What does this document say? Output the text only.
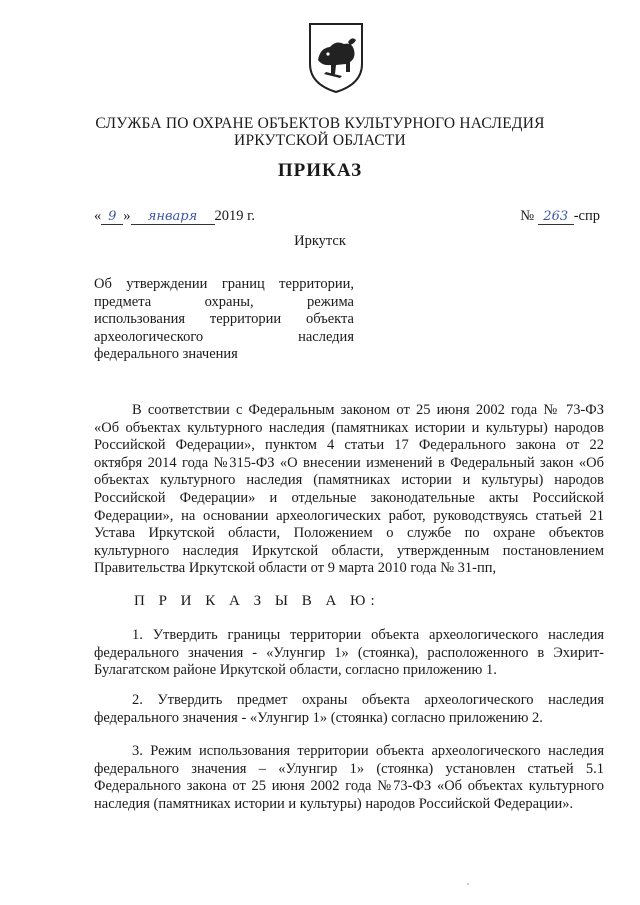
СЛУЖБА ПО ОХРАНЕ ОБЪЕКТОВ КУЛЬТУРНОГО НАСЛЕДИЯ
ИРКУТСКОЙ ОБЛАСТИ
ПРИКАЗ
« 9 » января 2019 г.	№ 263 -спр
Иркутск
Об утверждении границ территории,
предмета охраны, режима
использования территории объекта
археологического наследия
федерального значения
В соответствии с Федеральным законом от 25 июня 2002 года № 73-ФЗ
«Об объектах культурного наследия (памятниках истории и культуры) народов
Российской Федерации», пунктом 4 статьи 17 Федерального закона от 22
октября 2014 года №315-ФЗ «О внесении изменений в Федеральный закон «Об
объектах культурного наследия (памятниках истории и культуры) народов
Российской Федерации» и отдельные законодательные акты Российской
Федерации», на основании археологических работ, руководствуясь статьей 21
Устава Иркутской области, Положением о службе по охране объектов
культурного наследия Иркутской области, утвержденным постановлением
Правительства Иркутской области от 9 марта 2010 года № 31-пп,
П Р И К А З Ы В А Ю:
1. Утвердить границы территории объекта археологического наследия
федерального значения - «Улунгир 1» (стоянка), расположенного в Эхирит-
Булагатском районе Иркутской области, согласно приложению 1.
2. Утвердить предмет охраны объекта археологического наследия
федерального значения - «Улунгир 1» (стоянка) согласно приложению 2.
3. Режим использования территории объекта археологического наследия
федерального значения – «Улунгир 1» (стоянка) установлен статьей 5.1
Федерального закона от 25 июня 2002 года №73-ФЗ «Об объектах культурного
наследия (памятниках истории и культуры) народов Российской Федерации».
